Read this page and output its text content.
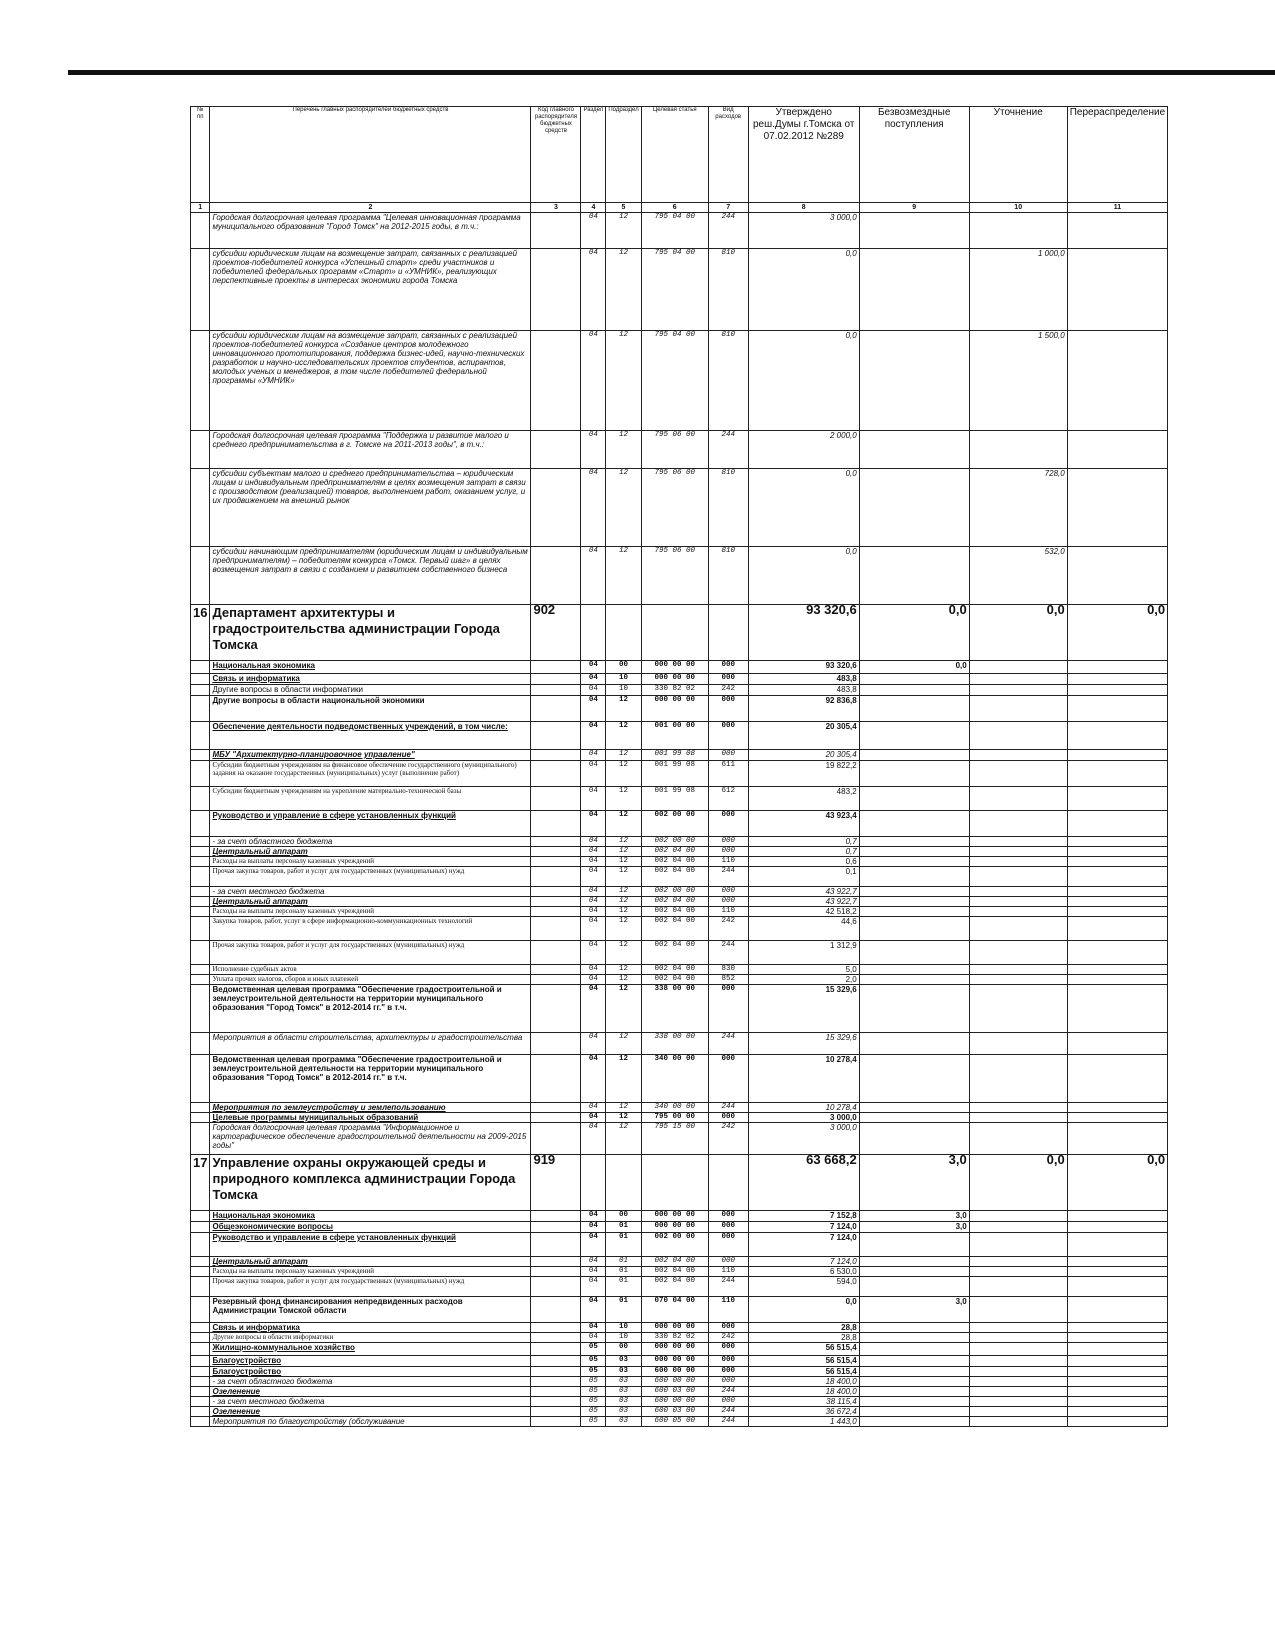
№ пп	Перечень главных распорядителей бюджетных средств	Код главного распорядителя бюджетных средств	Раздел	Подраздел	Целевая статья	Вид расходов	Утверждено реш.Думы г.Томска от 07.02.2012 №289	Безвозмездные поступления	Уточнение	Перераспределение
1	2	3	4	5	6	7	8	9	10	11
	Городская долгосрочная целевая программа "Целевая инновационная программа муниципального образования "Город Томск" на 2012-2015 годы, в т.ч.:		04	12	795 04 00	244	3 000,0			
	субсидии юридическим лицам на возмещение затрат, связанных с реализацией проектов-победителей конкурса «Успешный старт» среди участников и победителей федеральных программ «Старт» и «УМНИК», реализующих перспективные проекты в интересах экономики города Томска		04	12	795 04 00	810	0,0		1 000,0	
	субсидии юридическим лицам на возмещение затрат, связанных с реализацией проектов-победителей конкурса «Создание центров молодежного инновационного прототипирования, поддержка бизнес-идей, научно-технических разработок и научно-исследовательских проектов студентов, аспирантов, молодых ученых и менеджеров, в том числе победителей федеральной программы «УМНИК»		04	12	795 04 00	810	0,0		1 500,0	
	Городская долгосрочная целевая программа "Поддержка и развитие малого и среднего предпринимательства в г. Томске на 2011-2013 годы", в т.ч.:		04	12	795 06 00	244	2 000,0			
	субсидии субъектам малого и среднего предпринимательства – юридическим лицам и индивидуальным предпринимателям в целях возмещения затрат в связи с производством (реализацией) товаров, выполнением работ, оказанием услуг, и их продвижением на внешний рынок		04	12	795 06 00	810	0,0		728,0	
	субсидии начинающим предпринимателям (юридическим лицам и индивидуальным предпринимателям) – победителям конкурса «Томск. Первый шаг» в целях возмещения затрат в связи с созданием и развитием собственного бизнеса		04	12	795 06 00	810	0,0		532,0	
16	Департамент архитектуры и градостроительства администрации Города Томска	902					93 320,6	0,0	0,0	0,0
	Национальная экономика		04	00	000 00 00	000	93 320,6	0,0		
	Связь и информатика		04	10	000 00 00	000	483,8			
	Другие вопросы в области информатики		04	10	330 82 02	242	483,8			
	Другие вопросы в области национальной экономики		04	12	000 00 00	000	92 836,8			
	Обеспечение деятельности подведомственных учреждений, в том числе:		04	12	001 00 00	000	20 305,4			
	МБУ "Архитектурно-планировочное управление"		04	12	001 99 08	000	20 305,4			
	Субсидии бюджетным учреждениям на финансовое обеспечение государственного (муниципального) задания на оказание государственных (муниципальных) услуг (выполнение работ)		04	12	001 99 08	611	19 822,2			
	Субсидии бюджетным учреждениям на укрепление материально-технической базы		04	12	001 99 08	612	483,2			
	Руководство и управление в сфере установленных функций		04	12	002 00 00	000	43 923,4			
	- за счет областного бюджета		04	12	002 00 00	000	0,7			
	Центральный аппарат		04	12	002 04 00	000	0,7			
	Расходы на выплаты персоналу казенных учреждений		04	12	002 04 00	110	0,6			
	Прочая закупка товаров, работ и услуг для государственных (муниципальных) нужд		04	12	002 04 00	244	0,1			
	- за счет местного бюджета		04	12	002 00 00	000	43 922,7			
	Центральный аппарат		04	12	002 04 00	000	43 922,7			
	Расходы на выплаты персоналу казенных учреждений		04	12	002 04 00	110	42 518,2			
	Закупка товаров, работ, услуг в сфере информационно-коммуникационных технологий		04	12	002 04 00	242	44,6			
	Прочая закупка товаров, работ и услуг для государственных (муниципальных) нужд		04	12	002 04 00	244	1 312,9			
	Исполнение судебных актов		04	12	002 04 00	830	5,0			
	Уплата прочих налогов, сборов и иных платежей		04	12	002 04 00	852	2,0			
	Ведомственная целевая программа "Обеспечение градостроительной и землеустроительной деятельности на территории муниципального образования "Город Томск" в 2012-2014 гг." в т.ч.		04	12	338 00 00	000	15 329,6			
	Мероприятия в области строительства, архитектуры и градостроительства		04	12	338 00 00	244	15 329,6			
	Ведомственная целевая программа "Обеспечение градостроительной и землеустроительной деятельности на территории муниципального образования "Город Томск" в 2012-2014 гг." в т.ч.		04	12	340 00 00	000	10 278,4			
	Мероприятия по землеустройству и землепользованию		04	12	340 00 00	244	10 278,4			
	Целевые программы муниципальных образований		04	12	795 00 00	000	3 000,0			
	Городская долгосрочная целевая программа "Информационное и картографическое обеспечение градостроительной деятельности на 2009-2015 годы"		04	12	795 15 00	242	3 000,0			
17	Управление охраны окружающей среды и природного комплекса администрации Города Томска	919					63 668,2	3,0	0,0	0,0
	Национальная экономика		04	00	000 00 00	000	7 152,8	3,0		
	Общеэкономические вопросы		04	01	000 00 00	000	7 124,0	3,0		
	Руководство и управление в сфере установленных функций		04	01	002 00 00	000	7 124,0			
	Центральный аппарат		04	01	002 04 00	000	7 124,0			
	Расходы на выплаты персоналу казенных учреждений		04	01	002 04 00	110	6 530,0			
	Прочая закупка товаров, работ и услуг для государственных (муниципальных) нужд		04	01	002 04 00	244	594,0			
	Резервный фонд финансирования непредвиденных расходов Администрации Томской области		04	01	070 04 00	110	0,0	3,0		
	Связь и информатика		04	10	000 00 00	000	28,8			
	Другие вопросы в области информатики		04	10	330 82 02	242	28,8			
	Жилищно-коммунальное хозяйство		05	00	000 00 00	000	56 515,4			
	Благоустройство		05	03	000 00 00	000	56 515,4			
	Благоустройство		05	03	600 00 00	000	56 515,4			
	- за счет областного бюджета		05	03	600 00 00	000	18 400,0			
	Озеленение		05	03	600 03 00	244	18 400,0			
	- за счет местного бюджета		05	03	600 00 00	000	38 115,4			
	Озеленение		05	03	600 03 00	244	36 672,4			
	Мероприятия по благоустройству (обслуживание		05	03	600 05 00	244	1 443,0			
